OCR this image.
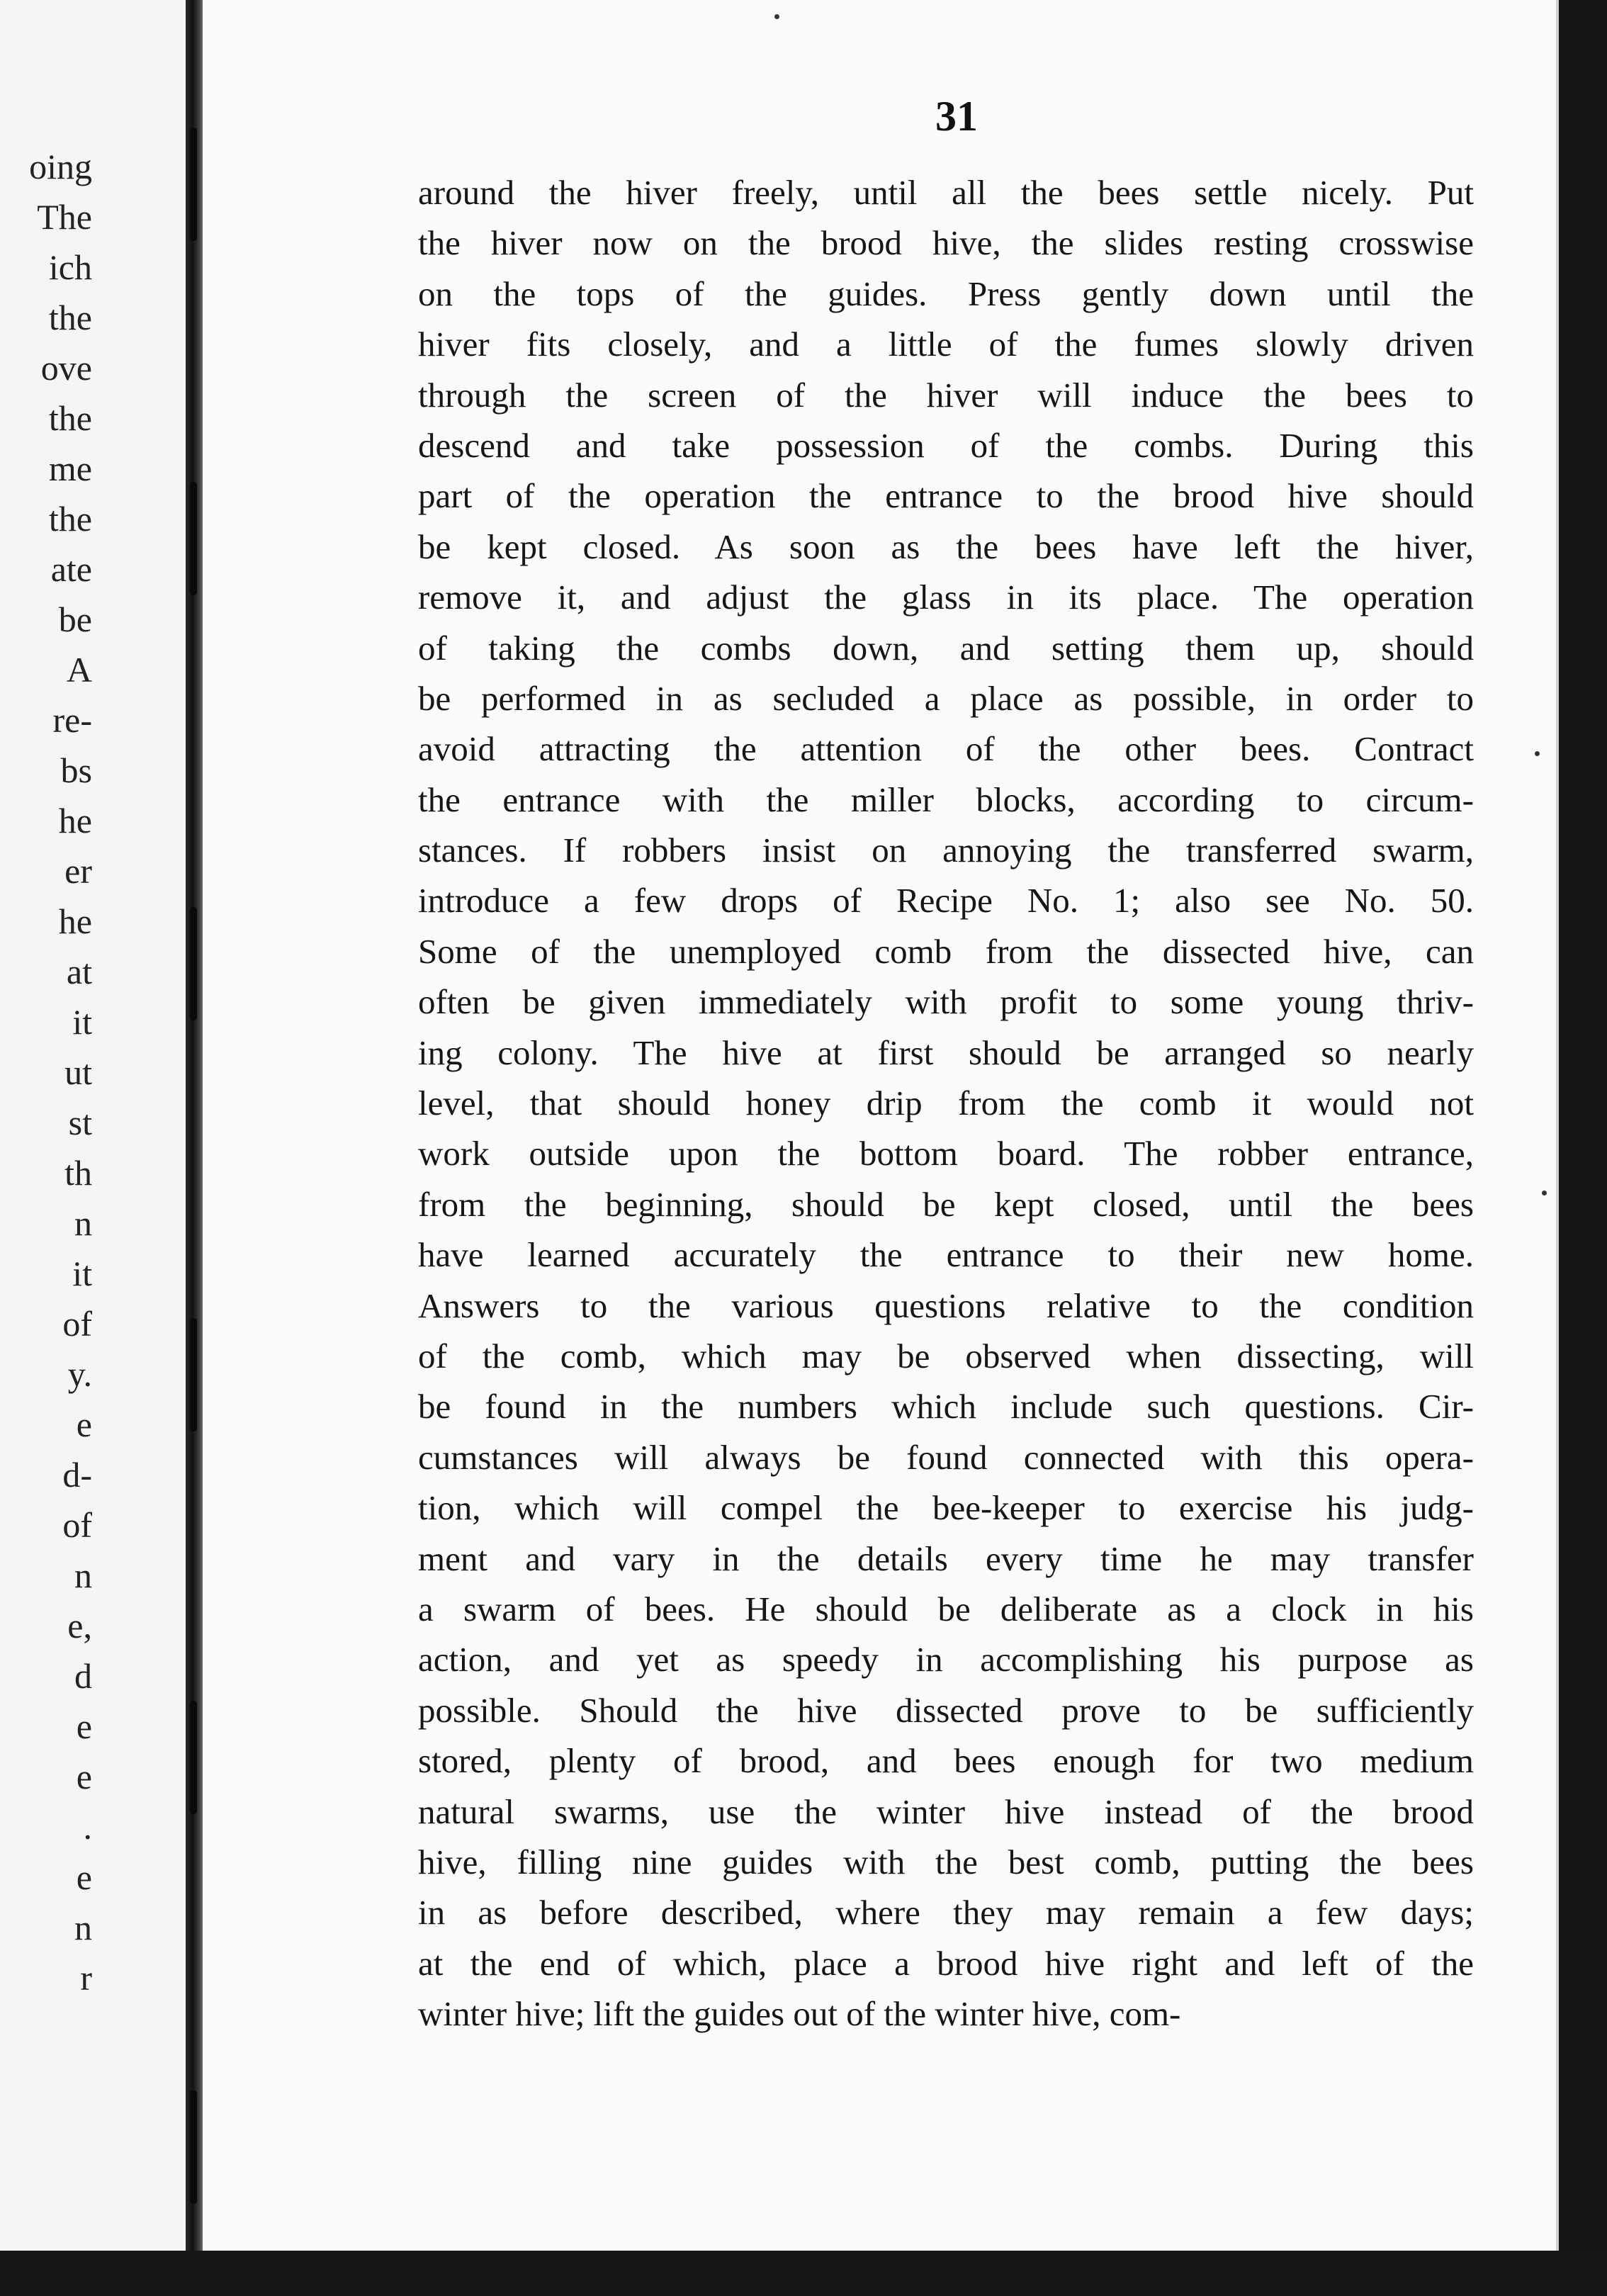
oing
The
ich
the
ove
the
me
the
ate
be
A
re-
bs
he
er
he
at
it
ut
st
th
n
it
of
y.
e
d-
of
n
e,
d
e
e
.
e
n
r
31
around the hiver freely, until all the bees settle nicely. Put
the hiver now on the brood hive, the slides resting crosswise
on the tops of the guides. Press gently down until the
hiver fits closely, and a little of the fumes slowly driven
through the screen of the hiver will induce the bees to
descend and take possession of the combs. During this
part of the operation the entrance to the brood hive should
be kept closed. As soon as the bees have left the hiver,
remove it, and adjust the glass in its place. The operation
of taking the combs down, and setting them up, should
be performed in as secluded a place as possible, in order to
avoid attracting the attention of the other bees. Contract
the entrance with the miller blocks, according to circum-
stances. If robbers insist on annoying the transferred swarm,
introduce a few drops of Recipe No. 1; also see No. 50.
Some of the unemployed comb from the dissected hive, can
often be given immediately with profit to some young thriv-
ing colony. The hive at first should be arranged so nearly
level, that should honey drip from the comb it would not
work outside upon the bottom board. The robber entrance,
from the beginning, should be kept closed, until the bees
have learned accurately the entrance to their new home.
Answers to the various questions relative to the condition
of the comb, which may be observed when dissecting, will
be found in the numbers which include such questions. Cir-
cumstances will always be found connected with this opera-
tion, which will compel the bee-keeper to exercise his judg-
ment and vary in the details every time he may transfer
a swarm of bees. He should be deliberate as a clock in his
action, and yet as speedy in accomplishing his purpose as
possible. Should the hive dissected prove to be sufficiently
stored, plenty of brood, and bees enough for two medium
natural swarms, use the winter hive instead of the brood
hive, filling nine guides with the best comb, putting the bees
in as before described, where they may remain a few days;
at the end of which, place a brood hive right and left of the
winter hive; lift the guides out of the winter hive, com-
